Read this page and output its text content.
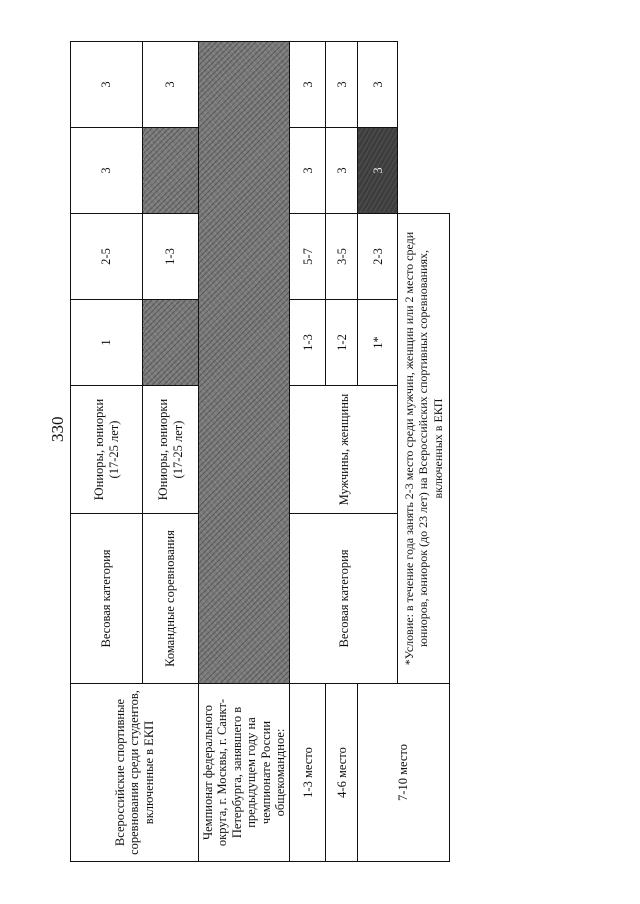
330
Всероссийские спортивные соревнования среди студентов, включенные в ЕКП	Весовая категория	Юниоры, юниорки (17-25 лет)	1	2-5	3	3
	Командные соревнования	Юниоры, юниорки (17-25 лет)		1-3		3
Чемпионат федерального округа, г. Москвы, г. Санкт-Петербурга, занявшего в предыдущем году на чемпионате России общекомандное:						
1-3 место	Весовая категория	Мужчины, женщины	1-3	5-7	3	3
4-6 место			1-2	3-5	3	3
7-10 место			1*	2-3	3	3
	*Условие: в течение года занять 2-3 место среди мужчин, женщин или 2 место среди юниоров, юниорок (до 23 лет) на Всероссийских спортивных соревнованиях, включенных в ЕКП					
